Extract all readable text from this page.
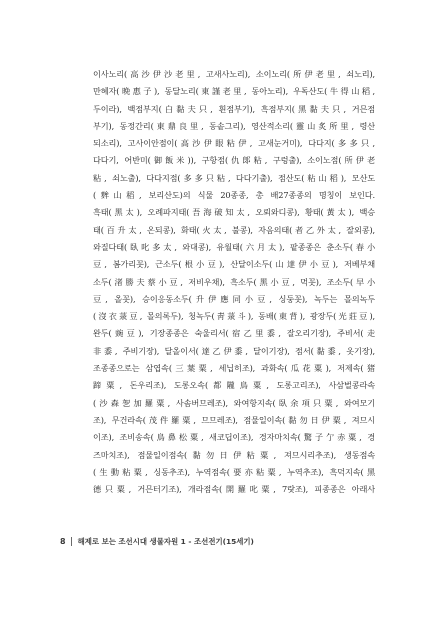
이사노리(高沙伊沙老里, 고새사노리), 소이노리(所伊老里, 쇠노리),
만혜자(晩惠子), 동달노리(東謹老里, 동아노리), 우독산도(牛得山稻,
두이라), 백점부지(白黏夫只, 흰점부기), 흑점부지(黑黏夫只, 거믄점
부기), 동정간리(東鼎良里, 동솥그리), 영산적소리(靈山炙所里, 령산
되소리), 고사이안점이(高沙伊眼粘伊, 고새눈거미), 다다지(多多只,
다다기, 어반미(御飯米)), 구항점(仇郞粘, 구렁출), 소이노점(所伊老
粘, 쇠노출), 다다지점(多多只粘, 다다기출), 점산도(粘山稻), 모산도
(麰山稻, 보리산도)의 식물 20종종, 총 배27종종의 명칭이 보인다.
흑태(黑太), 오례파지태(吾海破知太, 오뢰와디콩), 황태(黃太), 백승
태(百升太, 온되콩), 화태(火太, 불콩), 자음의태(者乙外太, 잘외콩),
와질다태(臥叱多太, 와대콩), 유월태(六月太), 팥종종은 춘소두(春小
豆, 봄가리꼿), 근소두(根小豆), 산달이소두(山達伊小豆), 저베부채
소두(渚勝夫蔡小豆, 저비우채), 흑소두(黑小豆, 먹꼿), 조소두(早小
豆, 올꼿), 승이응동소두(升伊應同小豆, 싱둥꼿), 녹두는 몰의녹두
(沒衣菉豆, 몰의록두), 청녹두(靑菉斗), 동배(東背), 광장두(光莊豆),
완두(豌豆), 기장종종은 숙울리서(宿乙里黍, 잘오리기장), 주비서(走
非黍, 주비기장), 달올이서(達乙伊黍, 달이기장), 점서(黏黍, 옷기장),
조종종으로는 삼엽속(三葉粟, 세닙히조), 과화속(瓜花粟), 저제속(猪
蹄粟, 돈우리조), 도롱오속(都隴鳥粟, 도롱고리조), 사삼벌콩라속
(沙森乫加羅粟, 사솜버므레조), 와여항지속(臥余項只粟, 와여모기
조), 무건라속(茂件羅粟, 므므레조), 점물일이속(黏勿日伊粟, 져므시
이조), 조비송속(鳥鼻松粟, 새코딥이조), 경자마치속(驚子亇赤粟, 경
즈마치조), 점물일이점속(黏勿日伊粘粟, 져므시리추조), 생동점속
(生動粘粟, 싱동추조), 누역점속(要亦粘粟, 누역추조), 흑덕지속(黑
德只粟, 거믄터기조), 개라점속(開羅叱粟, 7랏조), 피종종은 아래사
8 해제로 보는 조선시대 생물자원 1 - 조선전기(15세기)
